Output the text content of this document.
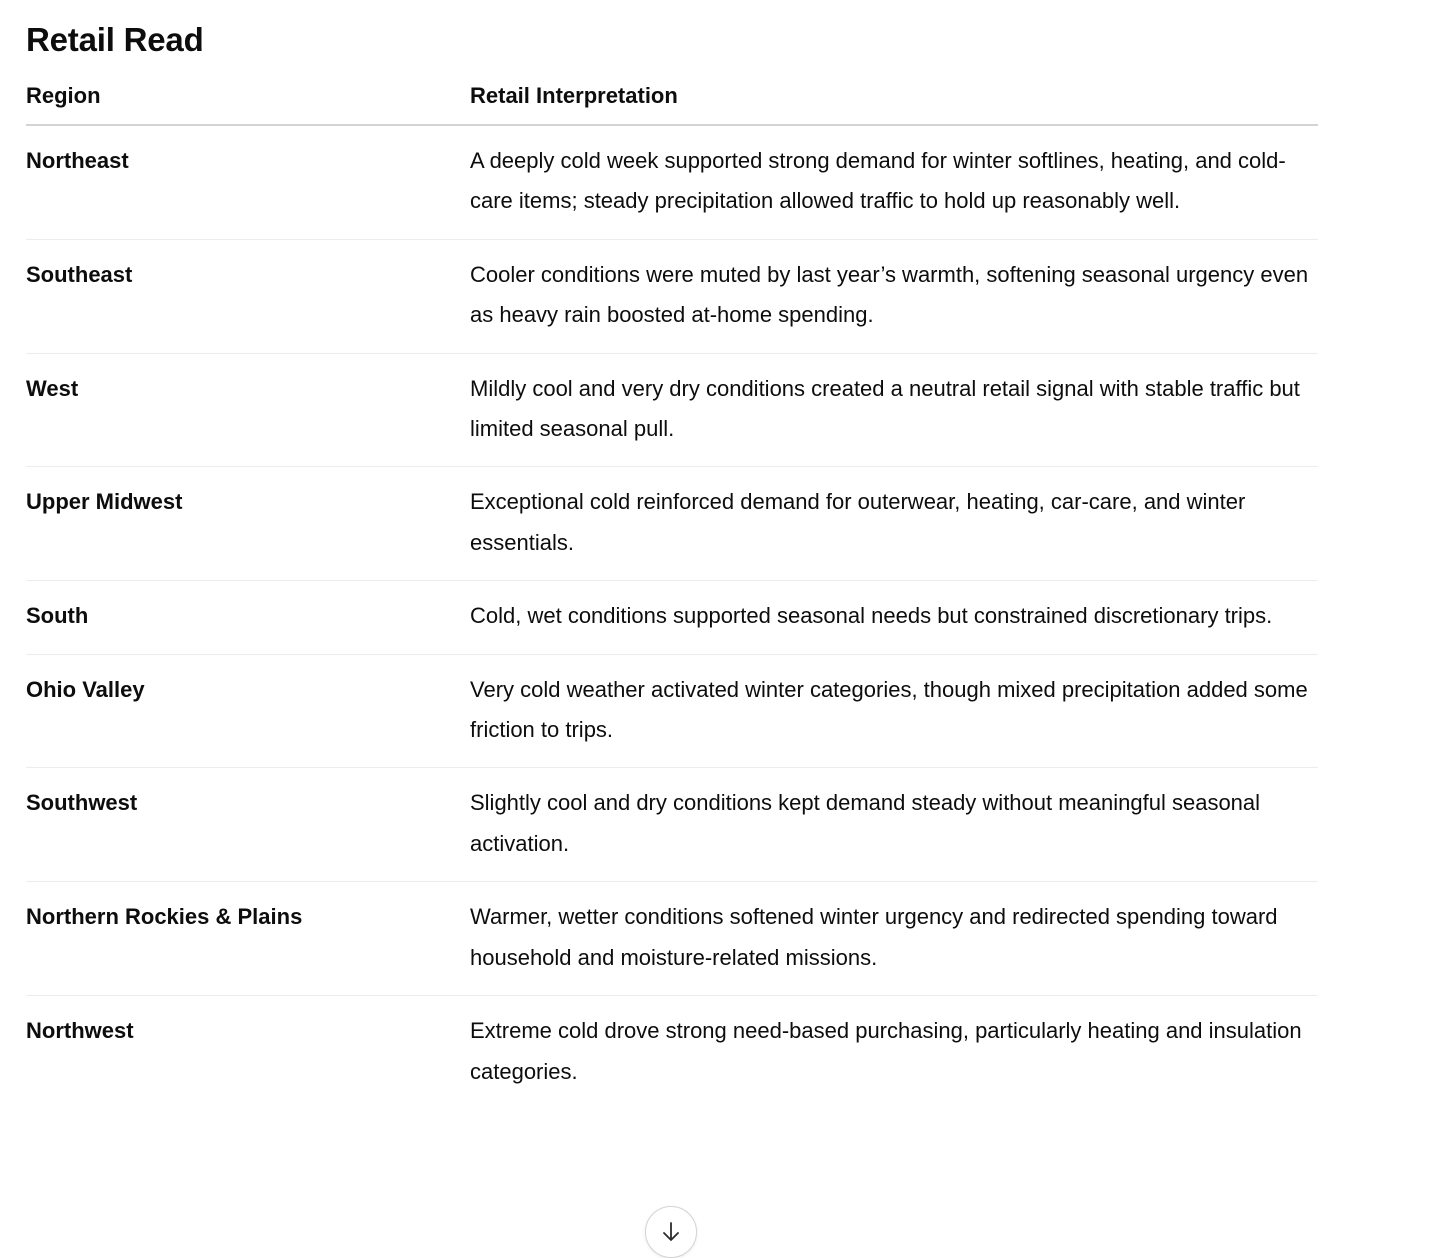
Retail Read
Region	Retail Interpretation
Northeast	A deeply cold week supported strong demand for winter softlines, heating, and cold-care items; steady precipitation allowed traffic to hold up reasonably well.
Southeast	Cooler conditions were muted by last year’s warmth, softening seasonal urgency even as heavy rain boosted at-home spending.
West	Mildly cool and very dry conditions created a neutral retail signal with stable traffic but limited seasonal pull.
Upper Midwest	Exceptional cold reinforced demand for outerwear, heating, car-care, and winter essentials.
South	Cold, wet conditions supported seasonal needs but constrained discretionary trips.
Ohio Valley	Very cold weather activated winter categories, though mixed precipitation added some friction to trips.
Southwest	Slightly cool and dry conditions kept demand steady without meaningful seasonal activation.
Northern Rockies & Plains	Warmer, wetter conditions softened winter urgency and redirected spending toward household and moisture-related missions.
Northwest	Extreme cold drove strong need-based purchasing, particularly heating and insulation categories.
